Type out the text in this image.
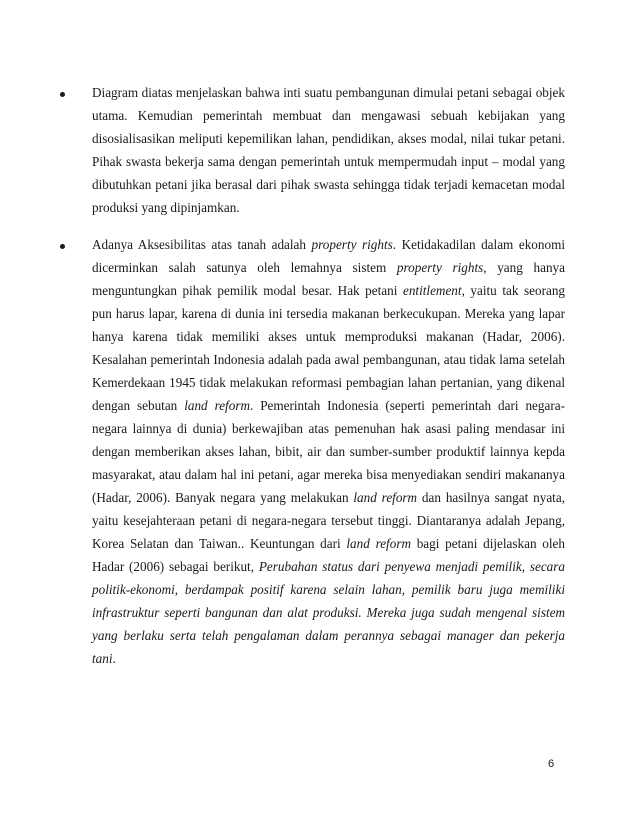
Diagram diatas menjelaskan bahwa inti suatu pembangunan dimulai petani sebagai objek utama. Kemudian pemerintah membuat dan mengawasi sebuah kebijakan yang disosialisasikan meliputi kepemilikan lahan, pendidikan, akses modal, nilai tukar petani. Pihak swasta bekerja sama dengan pemerintah untuk mempermudah input – modal yang dibutuhkan petani jika berasal dari pihak swasta sehingga tidak terjadi kemacetan modal produksi yang dipinjamkan.

Adanya Aksesibilitas atas tanah adalah property rights. Ketidakadilan dalam ekonomi dicerminkan salah satunya oleh lemahnya sistem property rights, yang hanya menguntungkan pihak pemilik modal besar. Hak petani entitlement, yaitu tak seorang pun harus lapar, karena di dunia ini tersedia makanan berkecukupan. Mereka yang lapar hanya karena tidak memiliki akses untuk memproduksi makanan (Hadar, 2006). Kesalahan pemerintah Indonesia adalah pada awal pembangunan, atau tidak lama setelah Kemerdekaan 1945 tidak melakukan reformasi pembagian lahan pertanian, yang dikenal dengan sebutan land reform. Pemerintah Indonesia (seperti pemerintah dari negara-negara lainnya di dunia) berkewajiban atas pemenuhan hak asasi paling mendasar ini dengan memberikan akses lahan, bibit, air dan sumber-sumber produktif lainnya kepda masyarakat, atau dalam hal ini petani, agar mereka bisa menyediakan sendiri makananya (Hadar, 2006). Banyak negara yang melakukan land reform dan hasilnya sangat nyata, yaitu kesejahteraan petani di negara-negara tersebut tinggi. Diantaranya adalah Jepang, Korea Selatan dan Taiwan.. Keuntungan dari land reform bagi petani dijelaskan oleh Hadar (2006) sebagai berikut, Perubahan status dari penyewa menjadi pemilik, secara politik-ekonomi, berdampak positif karena selain lahan, pemilik baru juga memiliki infrastruktur seperti bangunan dan alat produksi. Mereka juga sudah mengenal sistem yang berlaku serta telah pengalaman dalam perannya sebagai manager dan pekerja tani.

6
